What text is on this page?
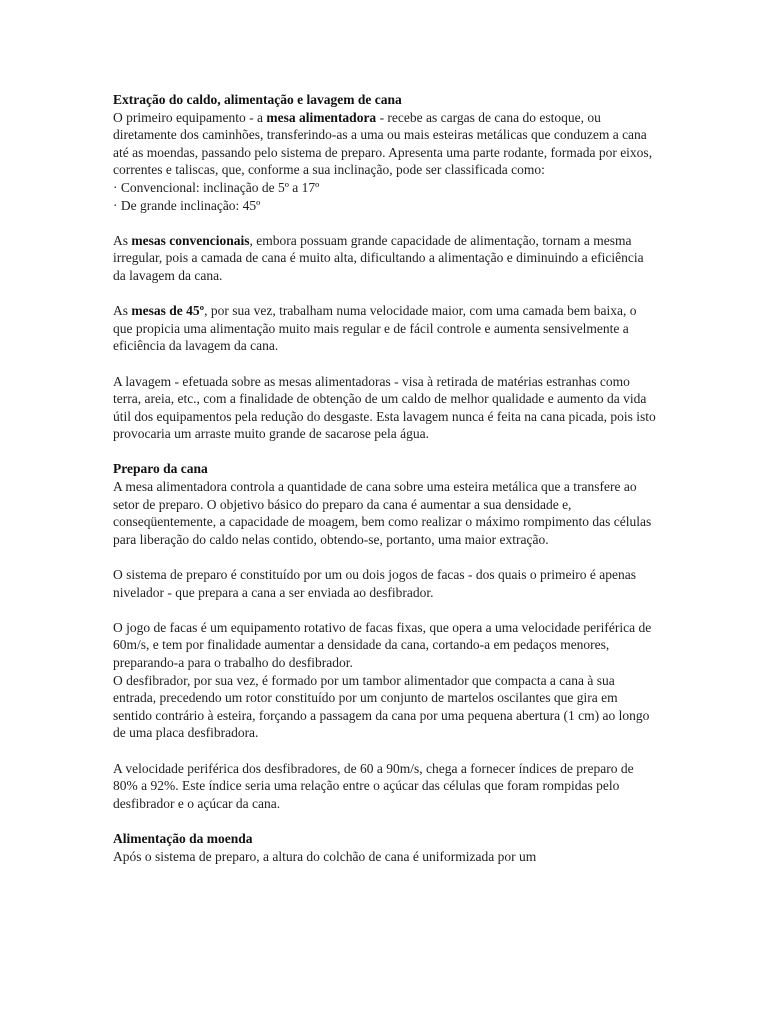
Extração do caldo, alimentação e lavagem de cana
O primeiro equipamento - a mesa alimentadora - recebe as cargas de cana do estoque, ou diretamente dos caminhões, transferindo-as a uma ou mais esteiras metálicas que conduzem a cana até as moendas, passando pelo sistema de preparo. Apresenta uma parte rodante, formada por eixos, correntes e taliscas, que, conforme a sua inclinação, pode ser classificada como:
· Convencional: inclinação de 5º a 17º
· De grande inclinação: 45º

As mesas convencionais, embora possuam grande capacidade de alimentação, tornam a mesma irregular, pois a camada de cana é muito alta, dificultando a alimentação e diminuindo a eficiência da lavagem da cana.

As mesas de 45º, por sua vez, trabalham numa velocidade maior, com uma camada bem baixa, o que propicia uma alimentação muito mais regular e de fácil controle e aumenta sensivelmente a eficiência da lavagem da cana.

A lavagem - efetuada sobre as mesas alimentadoras - visa à retirada de matérias estranhas como terra, areia, etc., com a finalidade de obtenção de um caldo de melhor qualidade e aumento da vida útil dos equipamentos pela redução do desgaste. Esta lavagem nunca é feita na cana picada, pois isto provocaria um arraste muito grande de sacarose pela água.

Preparo da cana
A mesa alimentadora controla a quantidade de cana sobre uma esteira metálica que a transfere ao setor de preparo. O objetivo básico do preparo da cana é aumentar a sua densidade e, conseqüentemente, a capacidade de moagem, bem como realizar o máximo rompimento das células para liberação do caldo nelas contido, obtendo-se, portanto, uma maior extração.

O sistema de preparo é constituído por um ou dois jogos de facas - dos quais o primeiro é apenas nivelador - que prepara a cana a ser enviada ao desfibrador.

O jogo de facas é um equipamento rotativo de facas fixas, que opera a uma velocidade periférica de 60m/s, e tem por finalidade aumentar a densidade da cana, cortando-a em pedaços menores, preparando-a para o trabalho do desfibrador.

O desfibrador, por sua vez, é formado por um tambor alimentador que compacta a cana à sua entrada, precedendo um rotor constituído por um conjunto de martelos oscilantes que gira em sentido contrário à esteira, forçando a passagem da cana por uma pequena abertura (1 cm) ao longo de uma placa desfibradora.

A velocidade periférica dos desfibradores, de 60 a 90m/s, chega a fornecer índices de preparo de 80% a 92%. Este índice seria uma relação entre o açúcar das células que foram rompidas pelo desfibrador e o açúcar da cana.

Alimentação da moenda
Após o sistema de preparo, a altura do colchão de cana é uniformizada por um
